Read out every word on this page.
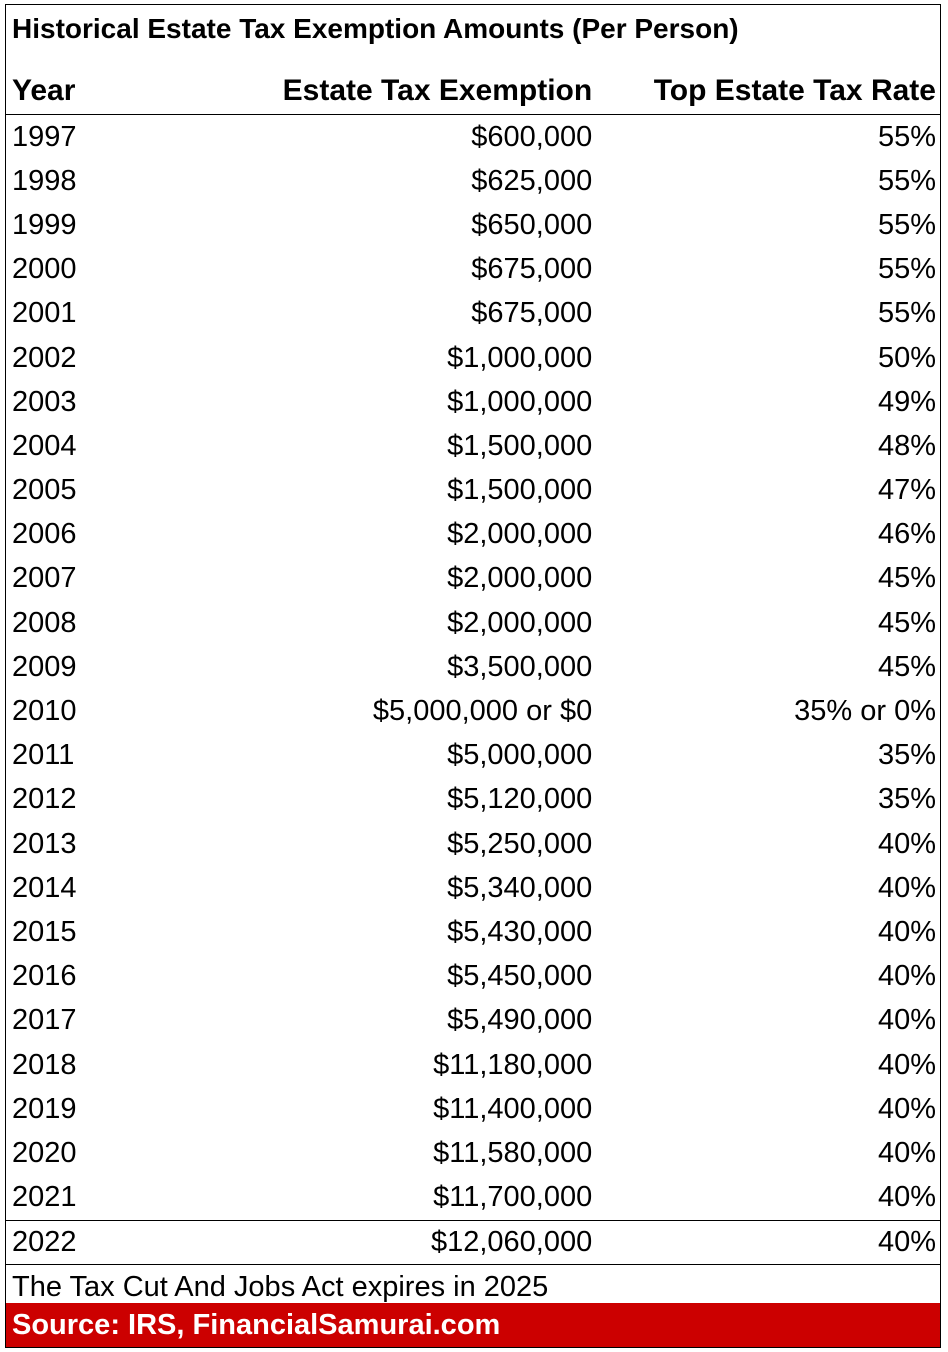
Historical Estate Tax Exemption Amounts (Per Person)
Year	Estate Tax Exemption	Top Estate Tax Rate
1997	$600,000	55%
1998	$625,000	55%
1999	$650,000	55%
2000	$675,000	55%
2001	$675,000	55%
2002	$1,000,000	50%
2003	$1,000,000	49%
2004	$1,500,000	48%
2005	$1,500,000	47%
2006	$2,000,000	46%
2007	$2,000,000	45%
2008	$2,000,000	45%
2009	$3,500,000	45%
2010	$5,000,000 or $0	35% or 0%
2011	$5,000,000	35%
2012	$5,120,000	35%
2013	$5,250,000	40%
2014	$5,340,000	40%
2015	$5,430,000	40%
2016	$5,450,000	40%
2017	$5,490,000	40%
2018	$11,180,000	40%
2019	$11,400,000	40%
2020	$11,580,000	40%
2021	$11,700,000	40%
2022	$12,060,000	40%
The Tax Cut And Jobs Act expires in 2025
Source: IRS, FinancialSamurai.com
